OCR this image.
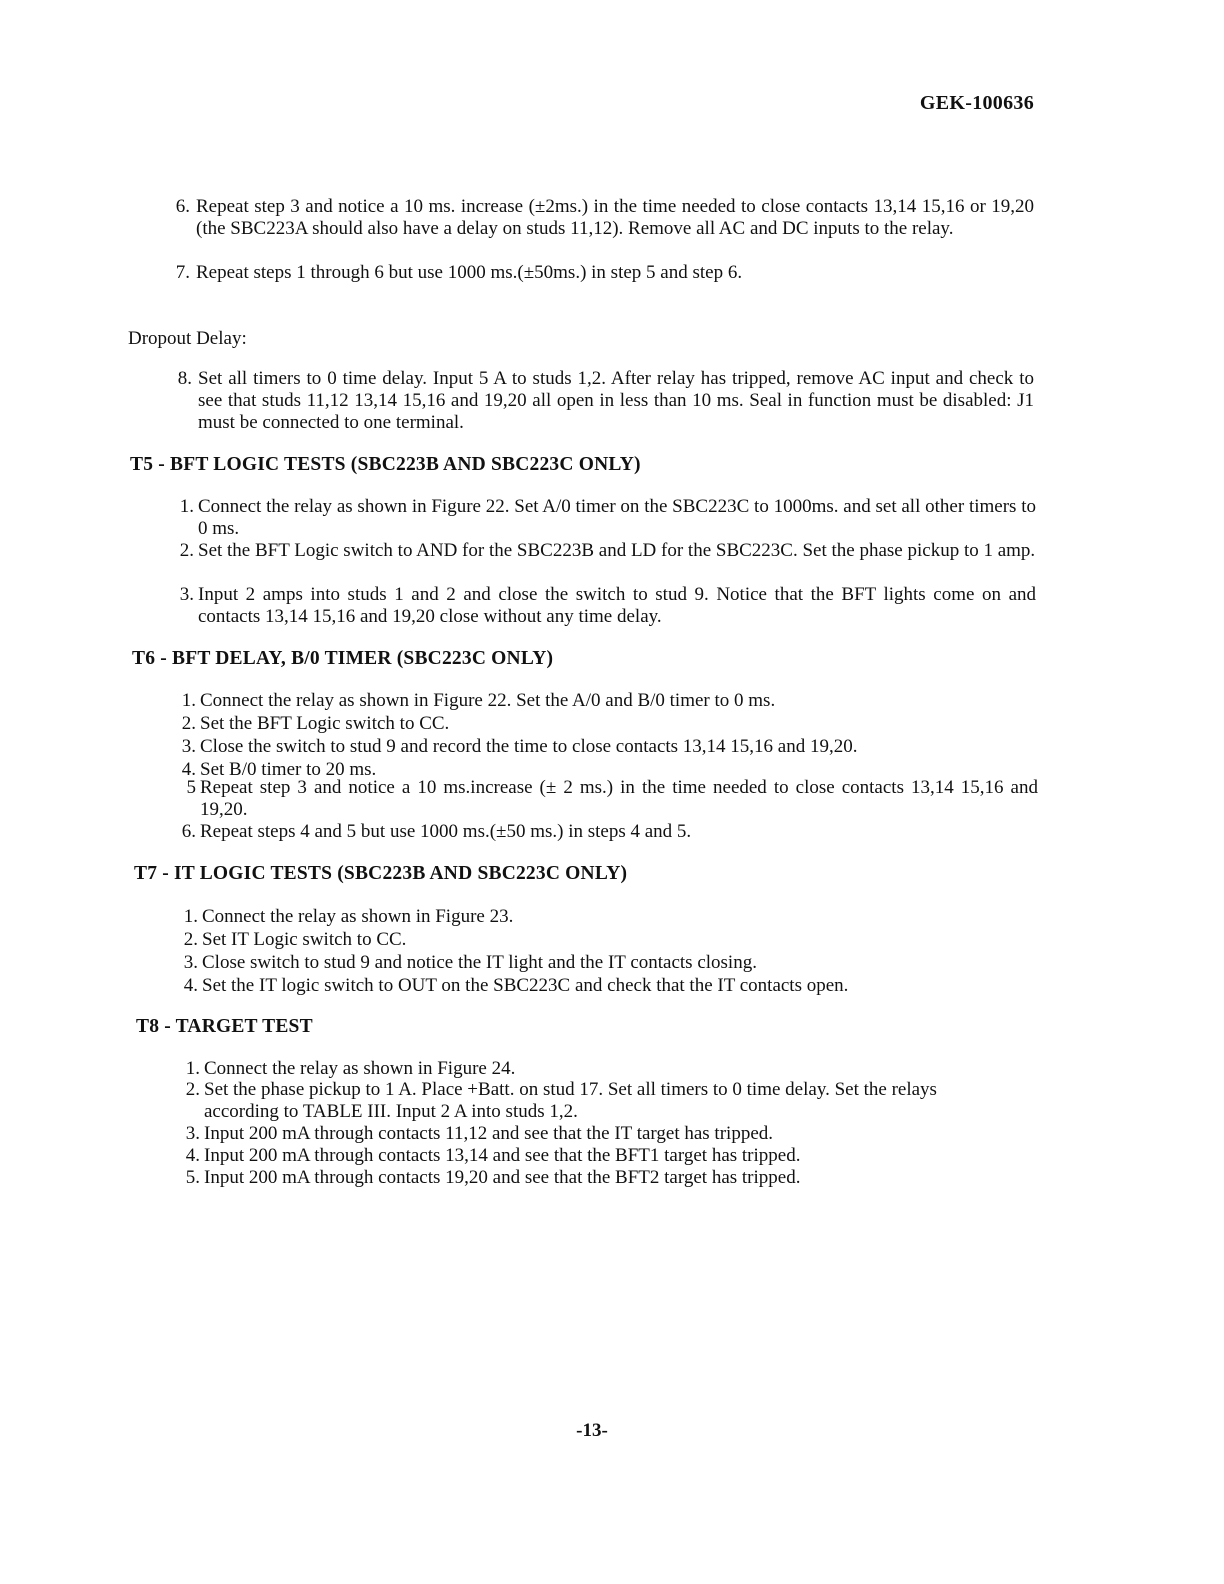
GEK-100636
6. Repeat step 3 and notice a 10 ms. increase (±2ms.) in the time needed to close contacts 13,14 15,16 or 19,20 (the SBC223A should also have a delay on studs 11,12). Remove all AC and DC inputs to the relay.
7. Repeat steps 1 through 6 but use 1000 ms.(±50ms.) in step 5 and step 6.
Dropout Delay:
8. Set all timers to 0 time delay. Input 5 A to studs 1,2. After relay has tripped, remove AC input and check to see that studs 11,12 13,14 15,16 and 19,20 all open in less than 10 ms. Seal in function must be disabled: J1 must be connected to one terminal.
T5 - BFT LOGIC TESTS (SBC223B AND SBC223C ONLY)
1. Connect the relay as shown in Figure 22. Set A/0 timer on the SBC223C to 1000ms. and set all other timers to 0 ms.
2. Set the BFT Logic switch to AND for the SBC223B and LD for the SBC223C. Set the phase pickup to 1 amp.
3. Input 2 amps into studs 1 and 2 and close the switch to stud 9. Notice that the BFT lights come on and contacts 13,14 15,16 and 19,20 close without any time delay.
T6 - BFT DELAY, B/0 TIMER (SBC223C ONLY)
1. Connect the relay as shown in Figure 22. Set the A/0 and B/0 timer to 0 ms.
2. Set the BFT Logic switch to CC.
3. Close the switch to stud 9 and record the time to close contacts 13,14 15,16 and 19,20.
4. Set B/0 timer to 20 ms.
5 Repeat step 3 and notice a 10 ms.increase (± 2 ms.) in the time needed to close contacts 13,14 15,16 and 19,20.
6. Repeat steps 4 and 5 but use 1000 ms.(±50 ms.) in steps 4 and 5.
T7 - IT LOGIC TESTS (SBC223B AND SBC223C ONLY)
1. Connect the relay as shown in Figure 23.
2. Set IT Logic switch to CC.
3. Close switch to stud 9 and notice the IT light and the IT contacts closing.
4. Set the IT logic switch to OUT on the SBC223C and check that the IT contacts open.
T8 - TARGET TEST
1. Connect the relay as shown in Figure 24.
2. Set the phase pickup to 1 A. Place +Batt. on stud 17. Set all timers to 0 time delay. Set the relays according to TABLE III. Input 2 A into studs 1,2.
3. Input 200 mA through contacts 11,12 and see that the IT target has tripped.
4. Input 200 mA through contacts 13,14 and see that the BFT1 target has tripped.
5. Input 200 mA through contacts 19,20 and see that the BFT2 target has tripped.
-13-
